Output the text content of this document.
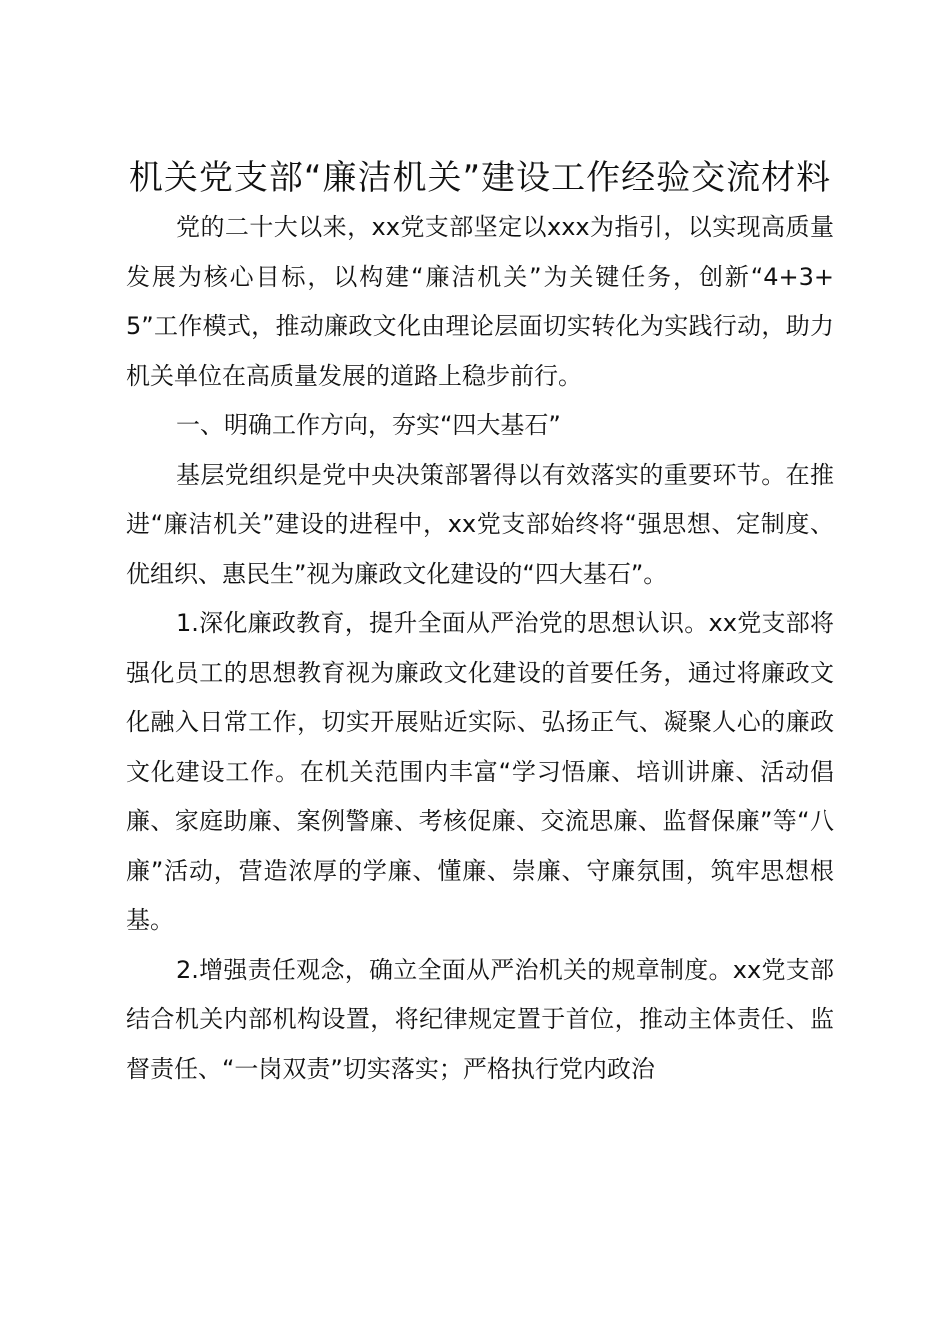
机关党支部“廉洁机关”建设工作经验交流材料

党的二十大以来，xx党支部坚定以xxx为指引，以实现高质量发展为核心目标，以构建“廉洁机关”为关键任务，创新“4+3+5”工作模式，推动廉政文化由理论层面切实转化为实践行动，助力机关单位在高质量发展的道路上稳步前行。

一、明确工作方向，夯实“四大基石”

基层党组织是党中央决策部署得以有效落实的重要环节。在推进“廉洁机关”建设的进程中，xx党支部始终将“强思想、定制度、优组织、惠民生”视为廉政文化建设的“四大基石”。

1.深化廉政教育，提升全面从严治党的思想认识。xx党支部将强化员工的思想教育视为廉政文化建设的首要任务，通过将廉政文化融入日常工作，切实开展贴近实际、弘扬正气、凝聚人心的廉政文化建设工作。在机关范围内丰富“学习悟廉、培训讲廉、活动倡廉、家庭助廉、案例警廉、考核促廉、交流思廉、监督保廉”等“八廉”活动，营造浓厚的学廉、懂廉、崇廉、守廉氛围，筑牢思想根基。

2.增强责任观念，确立全面从严治机关的规章制度。xx党支部结合机关内部机构设置，将纪律规定置于首位，推动主体责任、监督责任、“一岗双责”切实落实；严格执行党内政治
